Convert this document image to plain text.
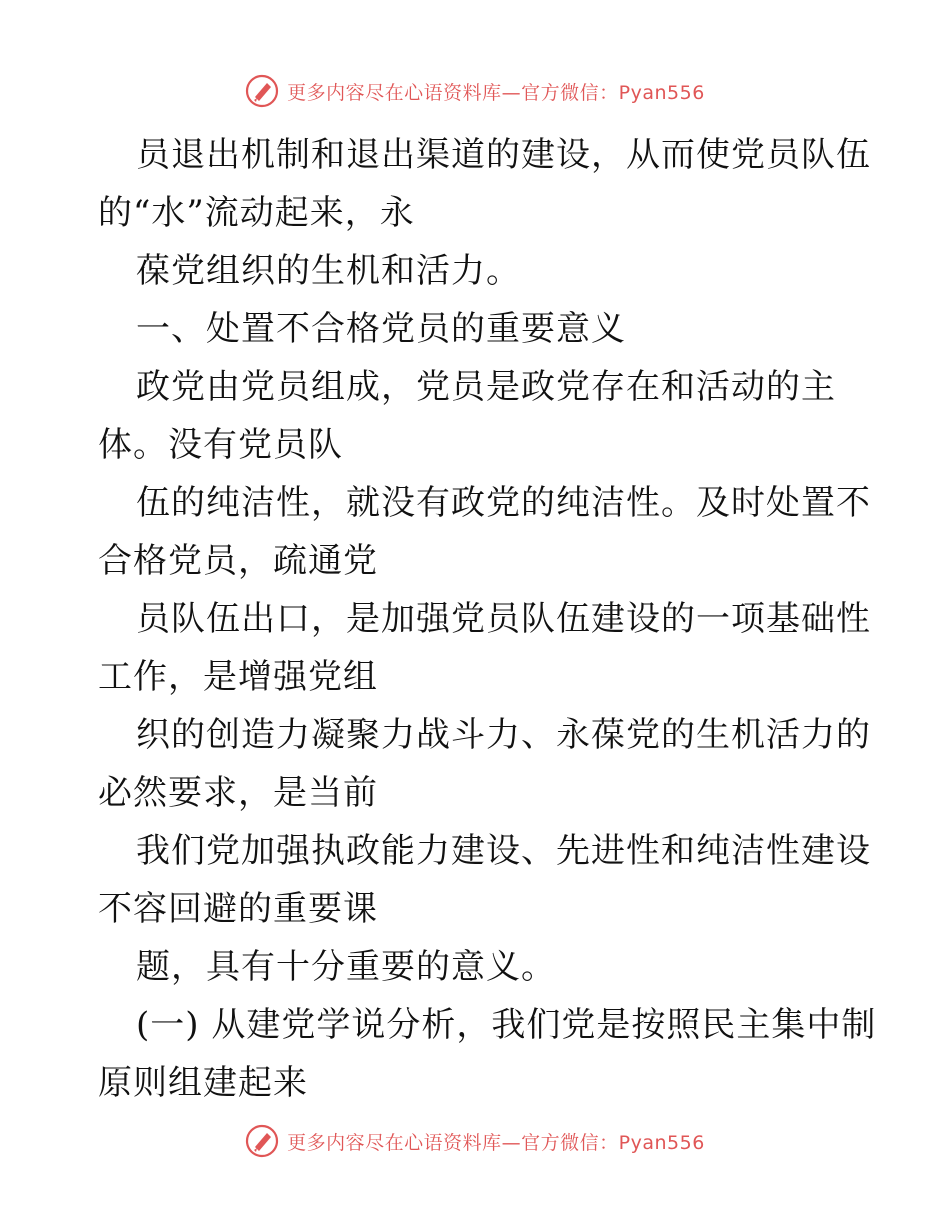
更多内容尽在心语资料库—官方微信：Pyan556

员退出机制和退出渠道的建设，从而使党员队伍

的“水”流动起来，永

葆党组织的生机和活力。

一、处置不合格党员的重要意义

政党由党员组成，党员是政党存在和活动的主

体。没有党员队

伍的纯洁性，就没有政党的纯洁性。及时处置不

合格党员，疏通党

员队伍出口，是加强党员队伍建设的一项基础性

工作，是增强党组

织的创造力凝聚力战斗力、永葆党的生机活力的

必然要求，是当前

我们党加强执政能力建设、先进性和纯洁性建设

不容回避的重要课

题，具有十分重要的意义。

(一) 从建党学说分析，我们党是按照民主集中制

原则组建起来

更多内容尽在心语资料库—官方微信：Pyan556
